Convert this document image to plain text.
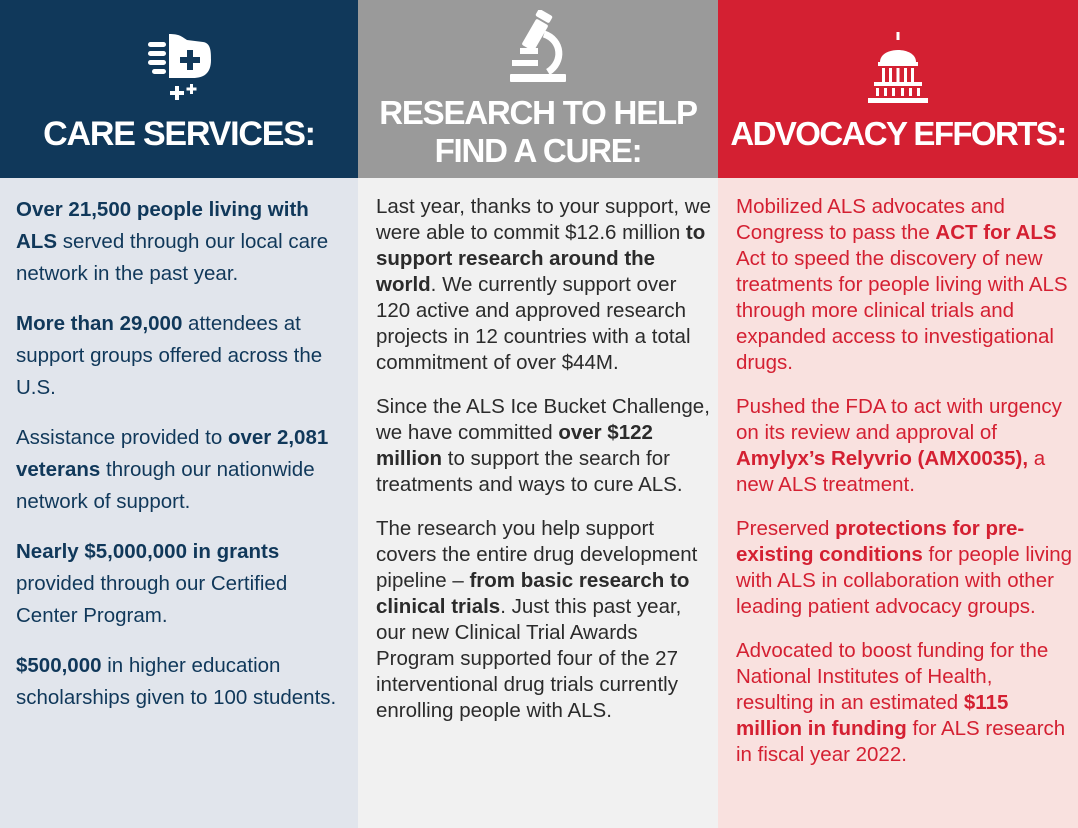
CARE SERVICES:

Over 21,500 people living with ALS served through our local care network in the past year.

More than 29,000 attendees at support groups offered across the U.S.

Assistance provided to over 2,081 veterans through our nationwide network of support.

Nearly $5,000,000 in grants provided through our Certified Center Program.

$500,000 in higher education scholarships given to 100 students.

RESEARCH TO HELP
FIND A CURE:

Last year, thanks to your support, we were able to commit $12.6 million to support research around the world. We currently support over 120 active and approved research projects in 12 countries with a total commitment of over $44M.

Since the ALS Ice Bucket Challenge, we have committed over $122 million to support the search for treatments and ways to cure ALS.

The research you help support covers the entire drug development pipeline – from basic research to clinical trials. Just this past year, our new Clinical Trial Awards Program supported four of the 27 interventional drug trials currently enrolling people with ALS.

ADVOCACY EFFORTS:

Mobilized ALS advocates and Congress to pass the ACT for ALS Act to speed the discovery of new treatments for people living with ALS through more clinical trials and expanded access to investigational drugs.

Pushed the FDA to act with urgency on its review and approval of Amylyx’s Relyvrio (AMX0035), a new ALS treatment.

Preserved protections for pre-existing conditions for people living with ALS in collaboration with other leading patient advocacy groups.

Advocated to boost funding for the National Institutes of Health, resulting in an estimated $115 million in funding for ALS research in fiscal year 2022.
